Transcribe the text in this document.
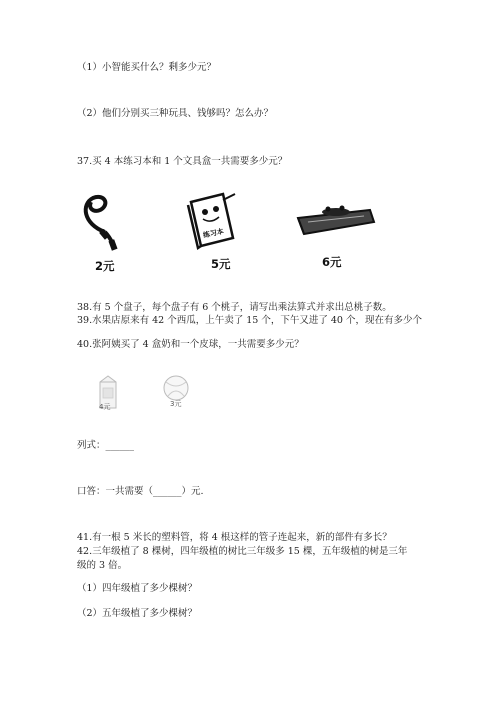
（1）小智能买什么？剩多少元？
（2）他们分别买三种玩具、钱够吗？怎么办？
37.买 4 本练习本和 1 个文具盒一共需要多少元？
2元
练习本
5元	6元
38.有 5 个盘子，每个盘子有 6 个桃子，请写出乘法算式并求出总桃子数。
39.水果店原来有 42 个西瓜，上午卖了 15 个，下午又进了 40 个，现在有多少个
40.张阿姨买了 4 盒奶和一个皮球，一共需要多少元？
4元	3元
列式：______
口答：一共需要（______）元.
41.有一根 5 米长的塑料管，将 4 根这样的管子连起来，新的部件有多长？
42.三年级植了 8 棵树，四年级植的树比三年级多 15 棵，五年级植的树是三年
级的 3 倍。
（1）四年级植了多少棵树？
（2）五年级植了多少棵树？
